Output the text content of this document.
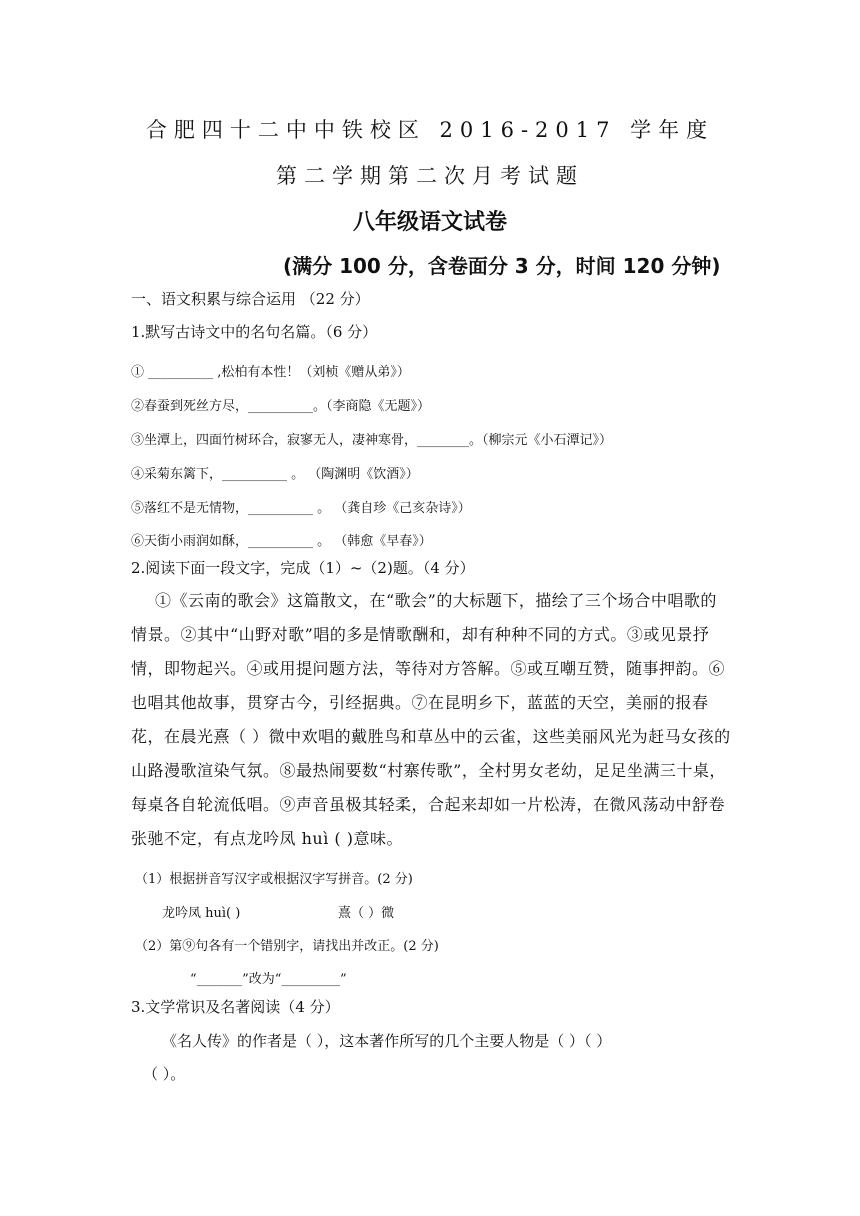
合肥四十二中中铁校区 2016-2017 学年度
第二学期第二次月考试题
八年级语文试卷
(满分 100 分，含卷面分 3 分，时间 120 分钟)
一、语文积累与综合运用 （22 分）
1.默写古诗文中的名句名篇。（6 分）
① __________ ,松柏有本性！（刘桢《赠从弟》）
②春蚕到死丝方尽，__________。（李商隐《无题》）
③坐潭上，四面竹树环合，寂寥无人，凄神寒骨，________。（柳宗元《小石潭记》）
④采菊东篱下，__________ 。 （陶渊明《饮酒》）
⑤落红不是无情物，__________ 。 （龚自珍《己亥杂诗》）
⑥天街小雨润如酥，__________ 。 （韩愈《早春》）
2.阅读下面一段文字，完成（1）~（2)题。（4 分）
①《云南的歌会》这篇散文，在“歌会”的大标题下，描绘了三个场合中唱歌的情景。②其中“山野对歌”唱的多是情歌酬和，却有种种不同的方式。③或见景抒情，即物起兴。④或用提问题方法，等待对方答解。⑤或互嘲互赞，随事押韵。⑥也唱其他故事，贯穿古今，引经据典。⑦在昆明乡下，蓝蓝的天空，美丽的报春花，在晨光熹（ ）微中欢唱的戴胜鸟和草丛中的云雀，这些美丽风光为赶马女孩的山路漫歌渲染气氛。⑧最热闹要数“村寨传歌”，全村男女老幼，足足坐满三十桌，每桌各自轮流低唱。⑨声音虽极其轻柔，合起来却如一片松涛，在微风荡动中舒卷张驰不定，有点龙吟凤 huì ( )意味。
（1）根据拼音写汉字或根据汉字写拼音。(2 分)
龙吟凤 huì( )	熹（ ）微
（2）第⑨句各有一个错别字，请找出并改正。(2 分)
“_______”改为“_________”
3.文学常识及名著阅读（4 分）
《名人传》的作者是（ ），这本著作所写的几个主要人物是（ ）（ ）
（ ）。
